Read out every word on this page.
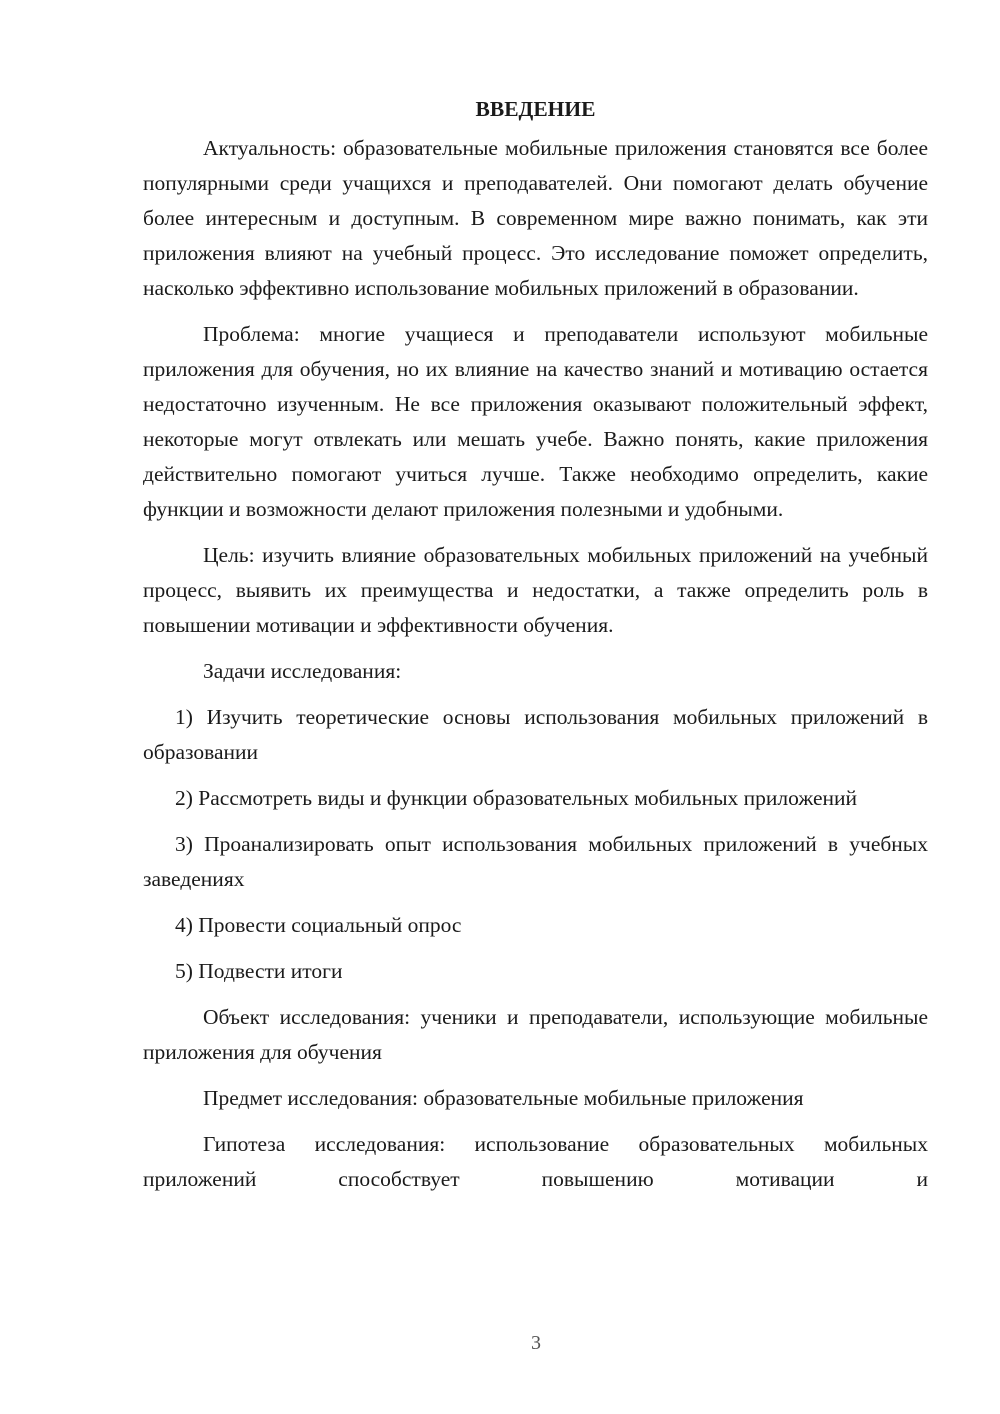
ВВЕДЕНИЕ

Актуальность: образовательные мобильные приложения становятся все более популярными среди учащихся и преподавателей. Они помогают делать обучение более интересным и доступным. В современном мире важно понимать, как эти приложения влияют на учебный процесс. Это исследование поможет определить, насколько эффективно использование мобильных приложений в образовании.

Проблема: многие учащиеся и преподаватели используют мобильные приложения для обучения, но их влияние на качество знаний и мотивацию остается недостаточно изученным. Не все приложения оказывают положительный эффект, некоторые могут отвлекать или мешать учебе. Важно понять, какие приложения действительно помогают учиться лучше. Также необходимо определить, какие функции и возможности делают приложения полезными и удобными.

Цель: изучить влияние образовательных мобильных приложений на учебный процесс, выявить их преимущества и недостатки, а также определить роль в повышении мотивации и эффективности обучения.

Задачи исследования:

1) Изучить теоретические основы использования мобильных приложений в образовании

2) Рассмотреть виды и функции образовательных мобильных приложений

3) Проанализировать опыт использования мобильных приложений в учебных заведениях

4) Провести социальный опрос

5) Подвести итоги

Объект исследования: ученики и преподаватели, использующие мобильные приложения для обучения

Предмет исследования: образовательные мобильные приложения

Гипотеза исследования: использование образовательных мобильных приложений способствует повышению мотивации и

3
